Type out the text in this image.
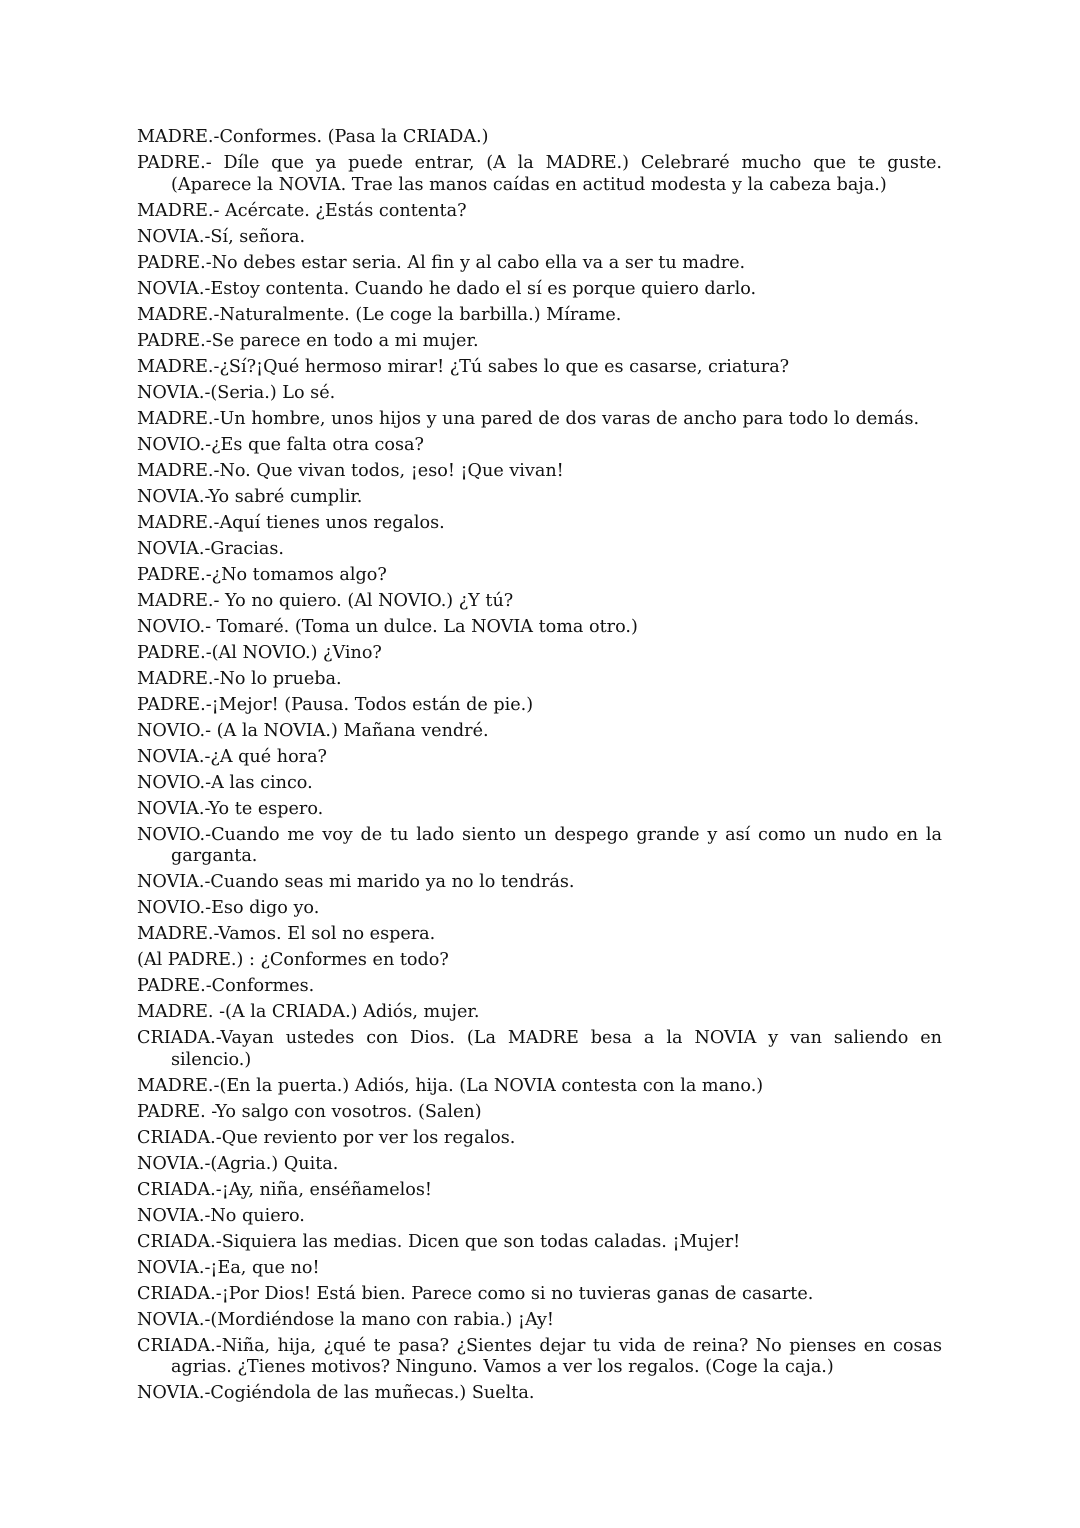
MADRE.-Conformes. (Pasa la CRIADA.)

PADRE.- Díle que ya puede entrar, (A la MADRE.) Celebraré mucho que te guste. (Aparece la NOVIA. Trae las manos caídas en actitud modesta y la cabeza baja.)

MADRE.- Acércate. ¿Estás contenta?

NOVIA.-Sí, señora.

PADRE.-No debes estar seria. Al fin y al cabo ella va a ser tu madre.

NOVIA.-Estoy contenta. Cuando he dado el sí es porque quiero darlo.

MADRE.-Naturalmente. (Le coge la barbilla.) Mírame.

PADRE.-Se parece en todo a mi mujer.

MADRE.-¿Sí?¡Qué hermoso mirar! ¿Tú sabes lo que es casarse, criatura?

NOVIA.-(Seria.) Lo sé.

MADRE.-Un hombre, unos hijos y una pared de dos varas de ancho para todo lo demás.

NOVIO.-¿Es que falta otra cosa?

MADRE.-No. Que vivan todos, ¡eso! ¡Que vivan!

NOVIA.-Yo sabré cumplir.

MADRE.-Aquí tienes unos regalos.

NOVIA.-Gracias.

PADRE.-¿No tomamos algo?

MADRE.- Yo no quiero. (Al NOVIO.) ¿Y tú?

NOVIO.- Tomaré. (Toma un dulce. La NOVIA toma otro.)

PADRE.-(Al NOVIO.) ¿Vino?

MADRE.-No lo prueba.

PADRE.-¡Mejor! (Pausa. Todos están de pie.)

NOVIO.- (A la NOVIA.) Mañana vendré.

NOVIA.-¿A qué hora?

NOVIO.-A las cinco.

NOVIA.-Yo te espero.

NOVIO.-Cuando me voy de tu lado siento un despego grande y así como un nudo en la garganta.

NOVIA.-Cuando seas mi marido ya no lo tendrás.

NOVIO.-Eso digo yo.

MADRE.-Vamos. El sol no espera.

(Al PADRE.) : ¿Conformes en todo?

PADRE.-Conformes.

MADRE. -(A la CRIADA.) Adiós, mujer.

CRIADA.-Vayan ustedes con Dios. (La MADRE besa a la NOVIA y van saliendo en silencio.)

MADRE.-(En la puerta.) Adiós, hija. (La NOVIA contesta con la mano.)

PADRE. -Yo salgo con vosotros. (Salen)

CRIADA.-Que reviento por ver los regalos.

NOVIA.-(Agria.) Quita.

CRIADA.-¡Ay, niña, enséñamelos!

NOVIA.-No quiero.

CRIADA.-Siquiera las medias. Dicen que son todas caladas. ¡Mujer!

NOVIA.-¡Ea, que no!

CRIADA.-¡Por Dios! Está bien. Parece como si no tuvieras ganas de casarte.

NOVIA.-(Mordiéndose la mano con rabia.) ¡Ay!

CRIADA.-Niña, hija, ¿qué te pasa? ¿Sientes dejar tu vida de reina? No pienses en cosas agrias. ¿Tienes motivos? Ninguno. Vamos a ver los regalos. (Coge la caja.)

NOVIA.-Cogiéndola de las muñecas.) Suelta.
